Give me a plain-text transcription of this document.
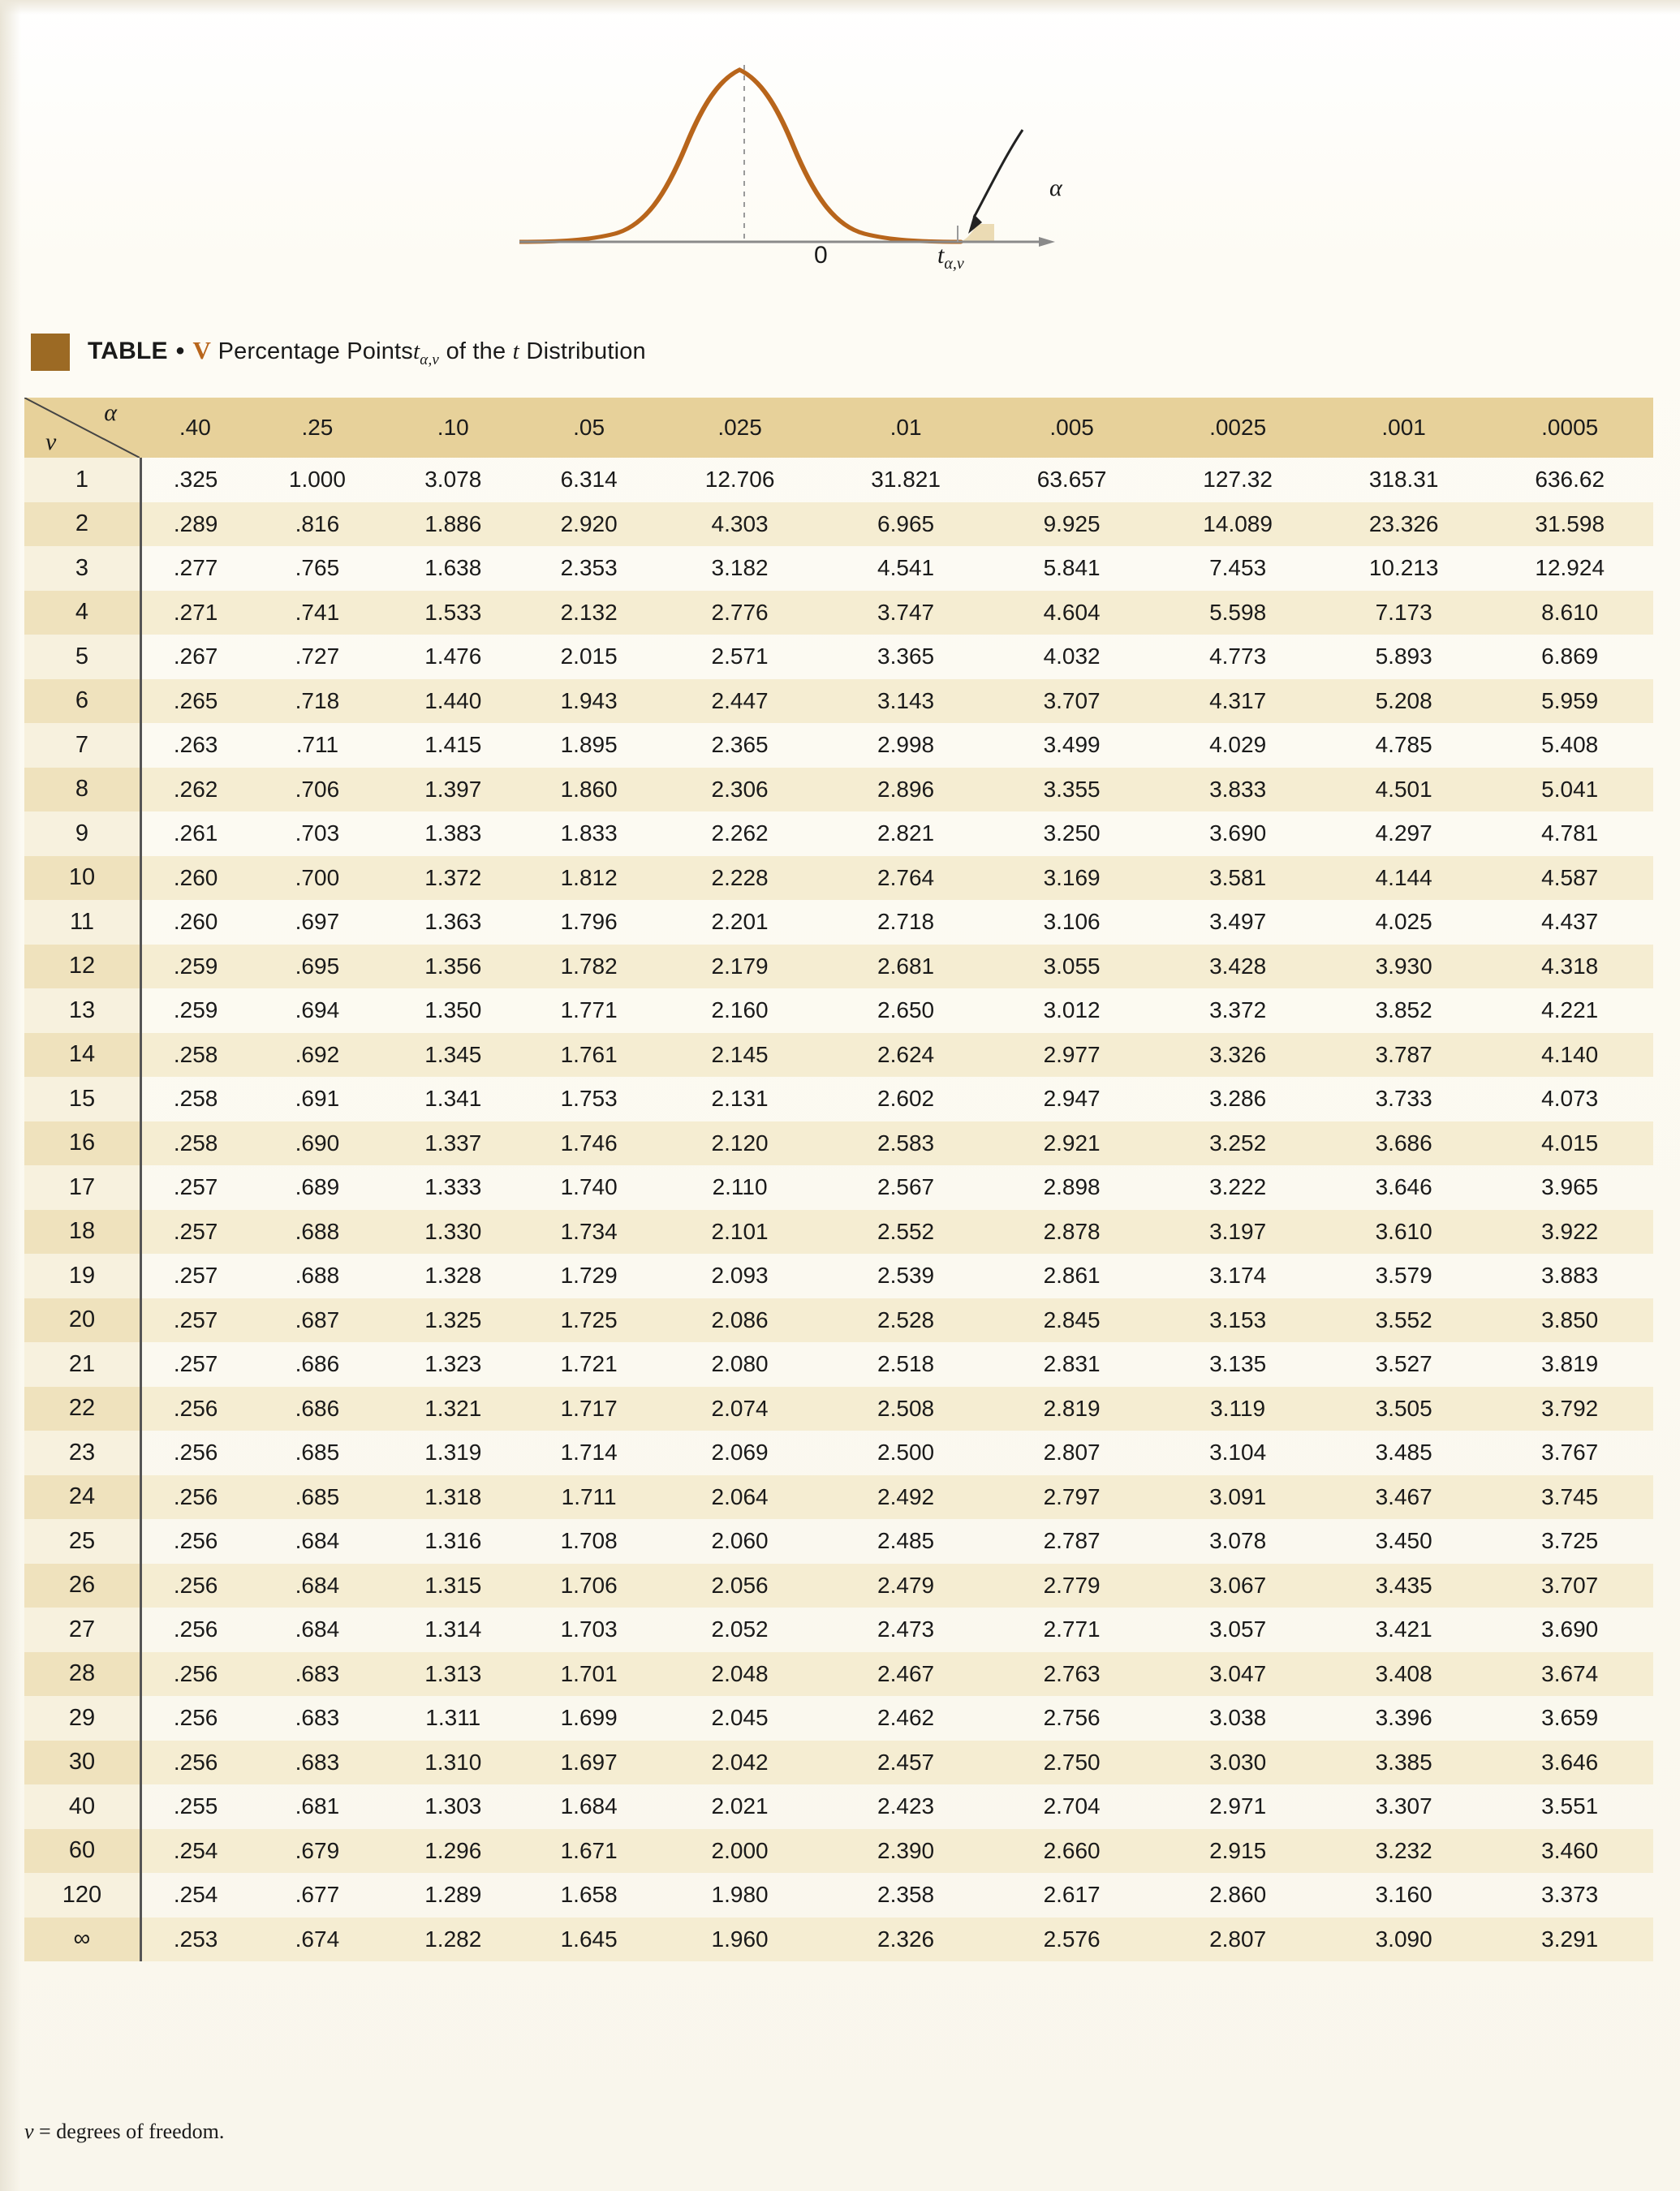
α
0	$t_{\alpha,\nu}$
TABLE • V Percentage Pointst$_{\alpha,\nu}$ of the t Distribution
α
ν	.40	.25	.10	.05	.025	.01	.005	.0025	.001	.0005
1	.325	1.000	3.078	6.314	12.706	31.821	63.657	127.32	318.31	636.62
2	.289	.816	1.886	2.920	4.303	6.965	9.925	14.089	23.326	31.598
3	.277	.765	1.638	2.353	3.182	4.541	5.841	7.453	10.213	12.924
4	.271	.741	1.533	2.132	2.776	3.747	4.604	5.598	7.173	8.610
5	.267	.727	1.476	2.015	2.571	3.365	4.032	4.773	5.893	6.869
6	.265	.718	1.440	1.943	2.447	3.143	3.707	4.317	5.208	5.959
7	.263	.711	1.415	1.895	2.365	2.998	3.499	4.029	4.785	5.408
8	.262	.706	1.397	1.860	2.306	2.896	3.355	3.833	4.501	5.041
9	.261	.703	1.383	1.833	2.262	2.821	3.250	3.690	4.297	4.781
10	.260	.700	1.372	1.812	2.228	2.764	3.169	3.581	4.144	4.587
11	.260	.697	1.363	1.796	2.201	2.718	3.106	3.497	4.025	4.437
12	.259	.695	1.356	1.782	2.179	2.681	3.055	3.428	3.930	4.318
13	.259	.694	1.350	1.771	2.160	2.650	3.012	3.372	3.852	4.221
14	.258	.692	1.345	1.761	2.145	2.624	2.977	3.326	3.787	4.140
15	.258	.691	1.341	1.753	2.131	2.602	2.947	3.286	3.733	4.073
16	.258	.690	1.337	1.746	2.120	2.583	2.921	3.252	3.686	4.015
17	.257	.689	1.333	1.740	2.110	2.567	2.898	3.222	3.646	3.965
18	.257	.688	1.330	1.734	2.101	2.552	2.878	3.197	3.610	3.922
19	.257	.688	1.328	1.729	2.093	2.539	2.861	3.174	3.579	3.883
20	.257	.687	1.325	1.725	2.086	2.528	2.845	3.153	3.552	3.850
21	.257	.686	1.323	1.721	2.080	2.518	2.831	3.135	3.527	3.819
22	.256	.686	1.321	1.717	2.074	2.508	2.819	3.119	3.505	3.792
23	.256	.685	1.319	1.714	2.069	2.500	2.807	3.104	3.485	3.767
24	.256	.685	1.318	1.711	2.064	2.492	2.797	3.091	3.467	3.745
25	.256	.684	1.316	1.708	2.060	2.485	2.787	3.078	3.450	3.725
26	.256	.684	1.315	1.706	2.056	2.479	2.779	3.067	3.435	3.707
27	.256	.684	1.314	1.703	2.052	2.473	2.771	3.057	3.421	3.690
28	.256	.683	1.313	1.701	2.048	2.467	2.763	3.047	3.408	3.674
29	.256	.683	1.311	1.699	2.045	2.462	2.756	3.038	3.396	3.659
30	.256	.683	1.310	1.697	2.042	2.457	2.750	3.030	3.385	3.646
40	.255	.681	1.303	1.684	2.021	2.423	2.704	2.971	3.307	3.551
60	.254	.679	1.296	1.671	2.000	2.390	2.660	2.915	3.232	3.460
120	.254	.677	1.289	1.658	1.980	2.358	2.617	2.860	3.160	3.373
∞	.253	.674	1.282	1.645	1.960	2.326	2.576	2.807	3.090	3.291
ν = degrees of freedom.
